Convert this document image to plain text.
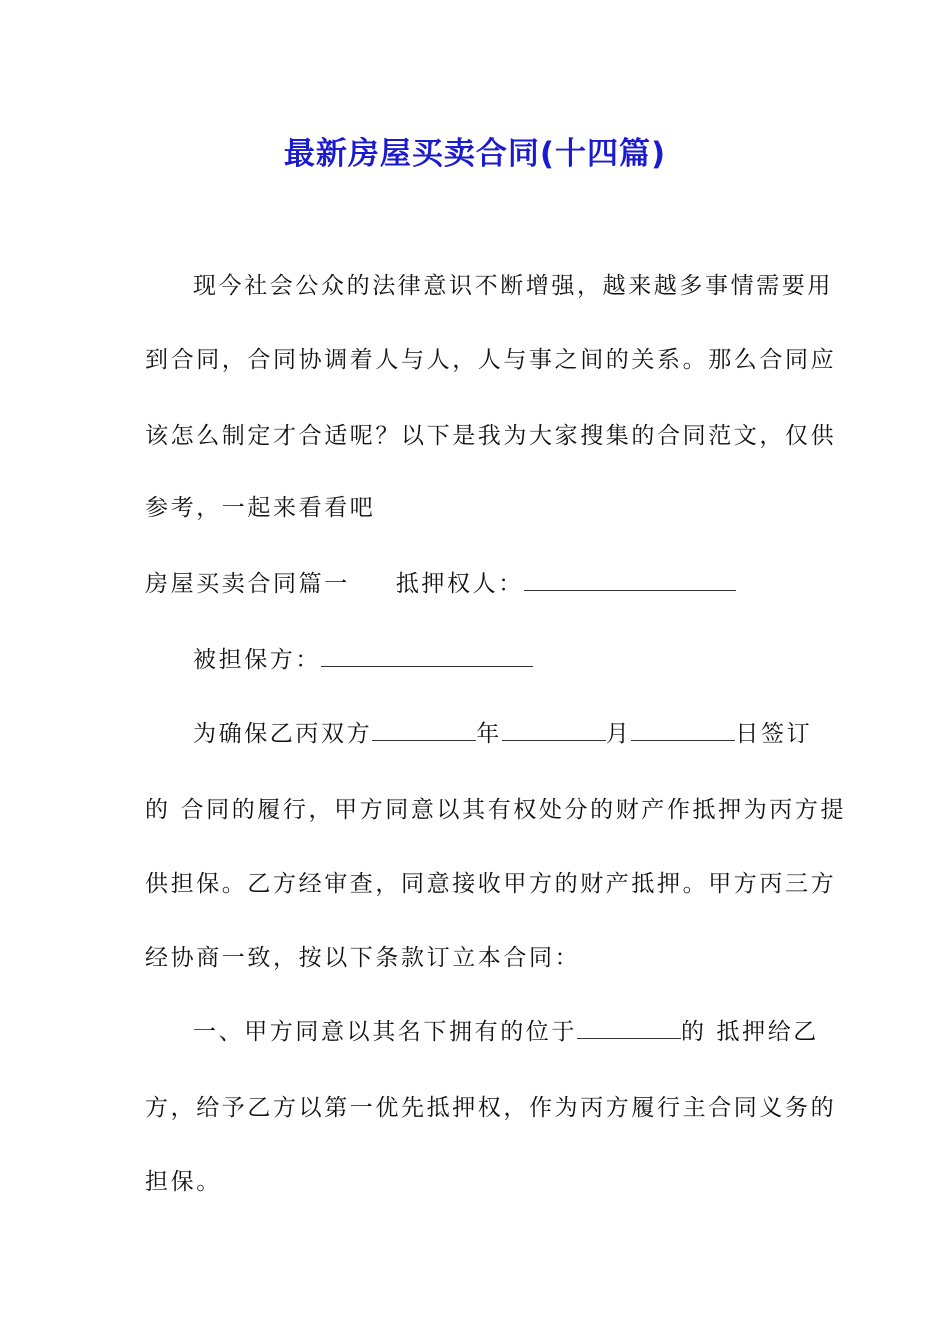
最新房屋买卖合同(十四篇)
现今社会公众的法律意识不断增强，越来越多事情需要用
到合同，合同协调着人与人，人与事之间的关系。那么合同应
该怎么制定才合适呢？以下是我为大家搜集的合同范文，仅供
参考，一起来看看吧
房屋买卖合同篇一 抵押权人：
被担保方：
为确保乙丙双方	年	月	日签订
的 合同的履行，甲方同意以其有权处分的财产作抵押为丙方提
供担保。乙方经审查，同意接收甲方的财产抵押。甲方丙三方
经协商一致，按以下条款订立本合同：
一、甲方同意以其名下拥有的位于	的 抵押给乙
方，给予乙方以第一优先抵押权，作为丙方履行主合同义务的
担保。
